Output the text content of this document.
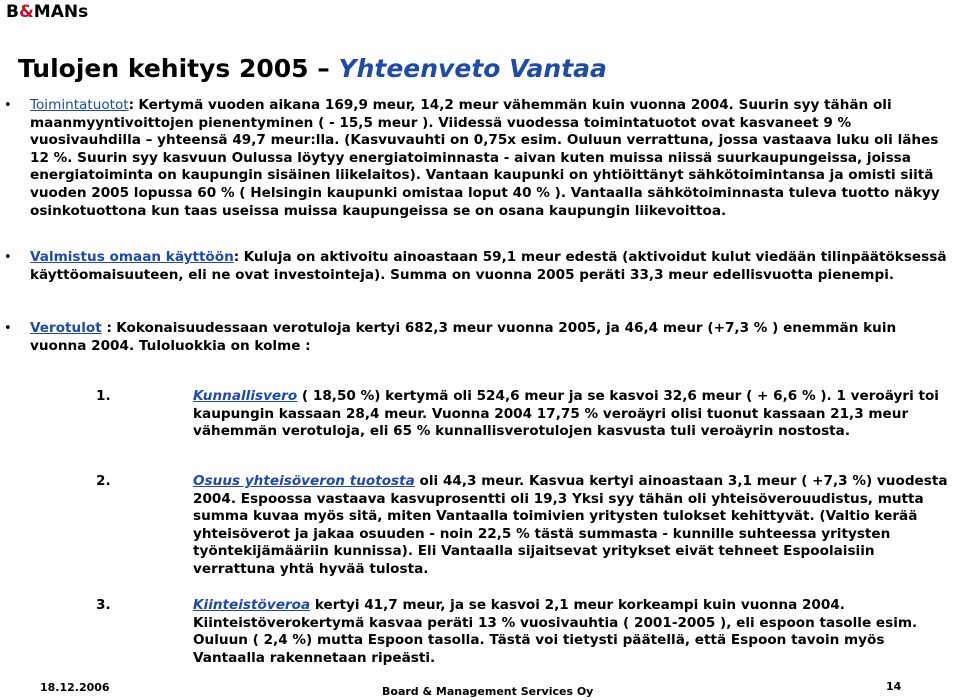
B&MANs
Tulojen kehitys 2005 – Yhteenveto Vantaa
• Toimintatuotot: Kertymä vuoden aikana 169,9 meur, 14,2 meur vähemmän kuin vuonna 2004. Suurin syy tähän oli maanmyyntivoittojen pienentyminen ( - 15,5 meur ). Viidessä vuodessa toimintatuotot ovat kasvaneet 9 % vuosivauhdilla – yhteensä 49,7 meur:lla. (Kasvuvauhti on 0,75x esim. Ouluun verrattuna, jossa vastaava luku oli lähes 12 %. Suurin syy kasvuun Oulussa löytyy energiatoiminnasta - aivan kuten muissa niissä suurkaupungeissa, joissa energiatoiminta on kaupungin sisäinen liikelaitos). Vantaan kaupunki on yhtiöittänyt sähkötoimintansa ja omisti siitä vuoden 2005 lopussa 60 % ( Helsingin kaupunki omistaa loput 40 % ). Vantaalla sähkötoiminnasta tuleva tuotto näkyy osinkotuottona kun taas useissa muissa kaupungeissa se on osana kaupungin liikevoittoa.
• Valmistus omaan käyttöön: Kuluja on aktivoitu ainoastaan 59,1 meur edestä (aktivoidut kulut viedään tilinpäätöksessä käyttöomaisuuteen, eli ne ovat investointeja). Summa on vuonna 2005 peräti 33,3 meur edellisvuotta pienempi.
• Verotulot : Kokonaisuudessaan verotuloja kertyi 682,3 meur vuonna 2005, ja 46,4 meur (+7,3 % ) enemmän kuin vuonna 2004. Tuloluokkia on kolme :
1.	Kunnallisvero ( 18,50 %) kertymä oli 524,6 meur ja se kasvoi 32,6 meur ( + 6,6 % ). 1 veroäyri toi kaupungin kassaan 28,4 meur. Vuonna 2004 17,75 % veroäyri olisi tuonut kassaan 21,3 meur vähemmän verotuloja, eli 65 % kunnallisverotulojen kasvusta tuli veroäyrin nostosta.
2.	Osuus yhteisöveron tuotosta oli 44,3 meur. Kasvua kertyi ainoastaan 3,1 meur ( +7,3 %) vuodesta 2004. Espoossa vastaava kasvuprosentti oli 19,3 Yksi syy tähän oli yhteisöverouudistus, mutta summa kuvaa myös sitä, miten Vantaalla toimivien yritysten tulokset kehittyvät. (Valtio kerää yhteisöverot ja jakaa osuuden - noin 22,5 % tästä summasta - kunnille suhteessa yritysten työntekijämääriin kunnissa). Eli Vantaalla sijaitsevat yritykset eivät tehneet Espoolaisiin verrattuna yhtä hyvää tulosta.
3.	Kiinteistöveroa kertyi 41,7 meur, ja se kasvoi 2,1 meur korkeampi kuin vuonna 2004. Kiinteistöverokertymä kasvaa peräti 13 % vuosivauhtia ( 2001-2005 ), eli espoon tasolle esim. Ouluun ( 2,4 %) mutta Espoon tasolla. Tästä voi tietysti päätellä, että Espoon tavoin myös Vantaalla rakennetaan ripeästi.
18.12.2006	Board & Management Services Oy	14
